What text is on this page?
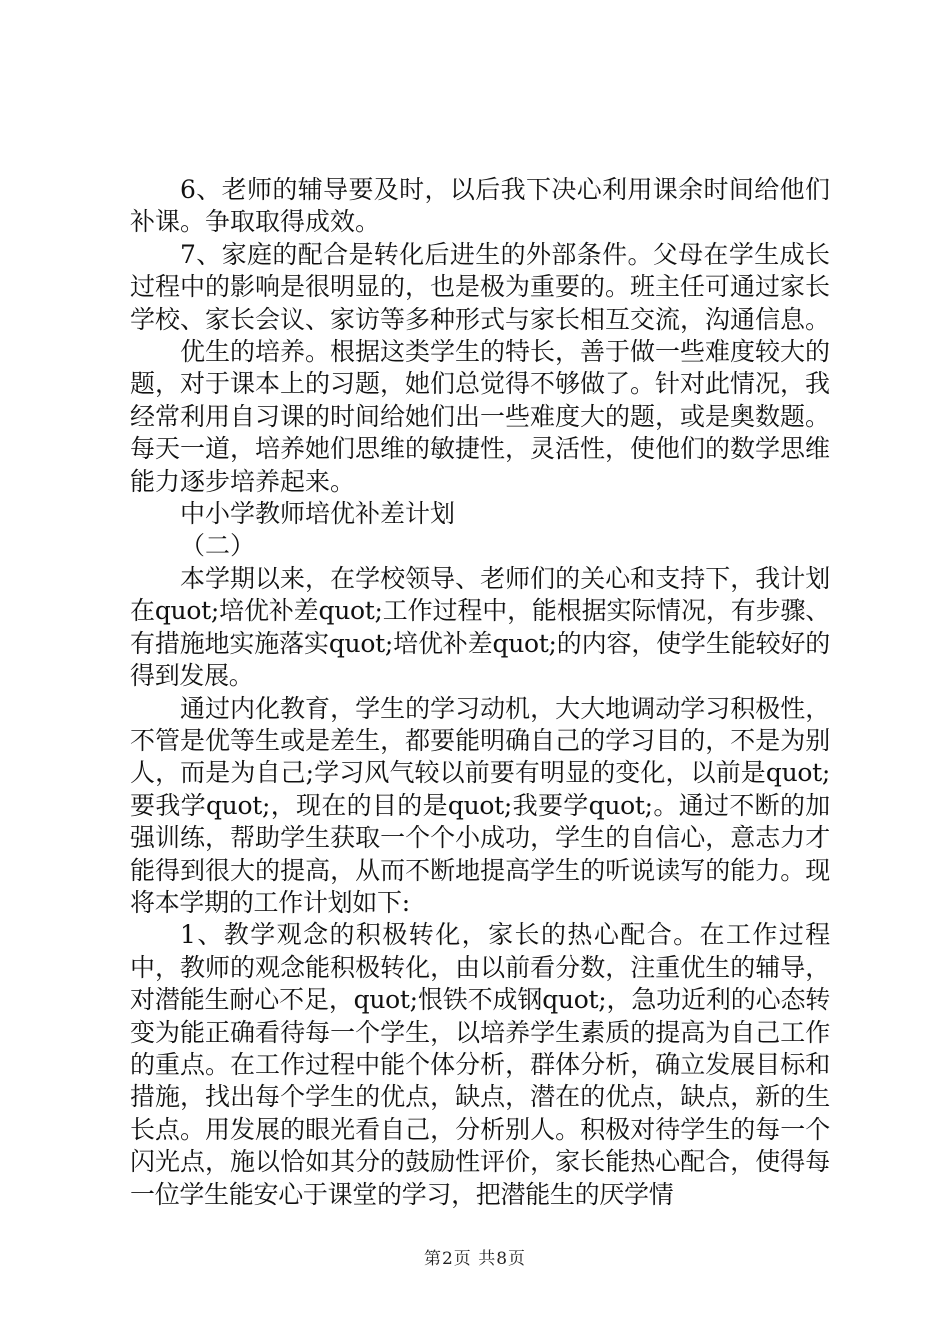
6、老师的辅导要及时，以后我下决心利用课余时间给他们补课。争取取得成效。

7、家庭的配合是转化后进生的外部条件。父母在学生成长过程中的影响是很明显的，也是极为重要的。班主任可通过家长学校、家长会议、家访等多种形式与家长相互交流，沟通信息。

优生的培养。根据这类学生的特长，善于做一些难度较大的题，对于课本上的习题，她们总觉得不够做了。针对此情况，我经常利用自习课的时间给她们出一些难度大的题，或是奥数题。每天一道，培养她们思维的敏捷性，灵活性，使他们的数学思维能力逐步培养起来。

中小学教师培优补差计划

（二）

本学期以来，在学校领导、老师们的关心和支持下，我计划在quot;培优补差quot;工作过程中，能根据实际情况，有步骤、有措施地实施落实quot;培优补差quot;的内容，使学生能较好的得到发展。

通过内化教育，学生的学习动机，大大地调动学习积极性，不管是优等生或是差生，都要能明确自己的学习目的，不是为别人，而是为自己;学习风气较以前要有明显的变化，以前是quot;要我学quot;，现在的目的是quot;我要学quot;。通过不断的加强训练，帮助学生获取一个个小成功，学生的自信心，意志力才能得到很大的提高，从而不断地提高学生的听说读写的能力。现将本学期的工作计划如下:

1、教学观念的积极转化，家长的热心配合。在工作过程中，教师的观念能积极转化，由以前看分数，注重优生的辅导，对潜能生耐心不足，quot;恨铁不成钢quot;，急功近利的心态转变为能正确看待每一个学生，以培养学生素质的提高为自己工作的重点。在工作过程中能个体分析，群体分析，确立发展目标和措施，找出每个学生的优点，缺点，潜在的优点，缺点，新的生长点。用发展的眼光看自己，分析别人。积极对待学生的每一个闪光点，施以恰如其分的鼓励性评价，家长能热心配合，使得每一位学生能安心于课堂的学习，把潜能生的厌学情

第2页 共8页
